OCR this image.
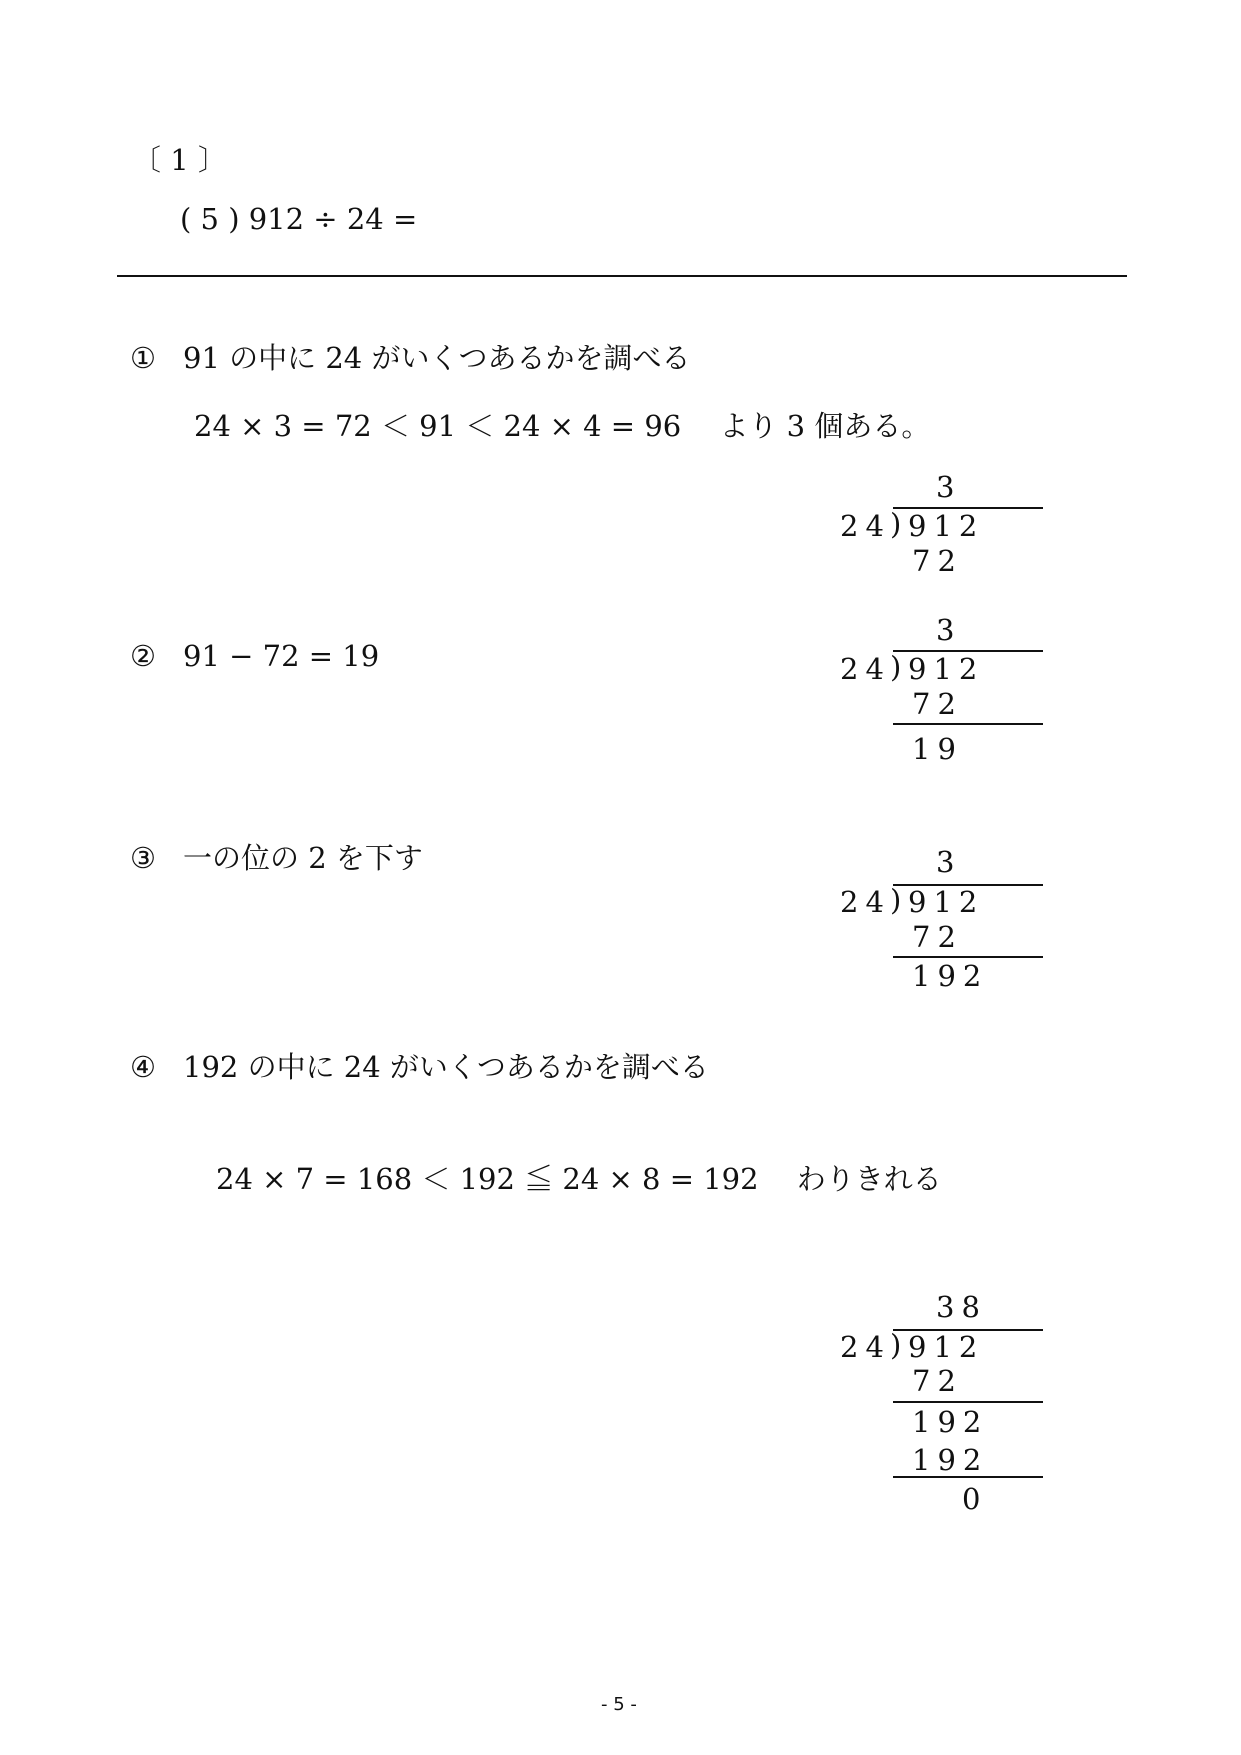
〔 1 〕
( 5 ) 912 ÷ 24 =
① 91 の中に 24 がいくつあるかを調べる
24 × 3 = 72 ＜ 91 ＜ 24 × 4 = 96　 より 3 個ある。
3
24 ) 912
72
② 91 − 72 = 19
3
24 ) 912
72
19
③ 一の位の 2 を下す	3
24 ) 912
72
192
④ 192 の中に 24 がいくつあるかを調べる
24 × 7 = 168 ＜ 192 ≦ 24 × 8 = 192　 わりきれる
38
24 ) 912
72
192
192
0
- 5 -
